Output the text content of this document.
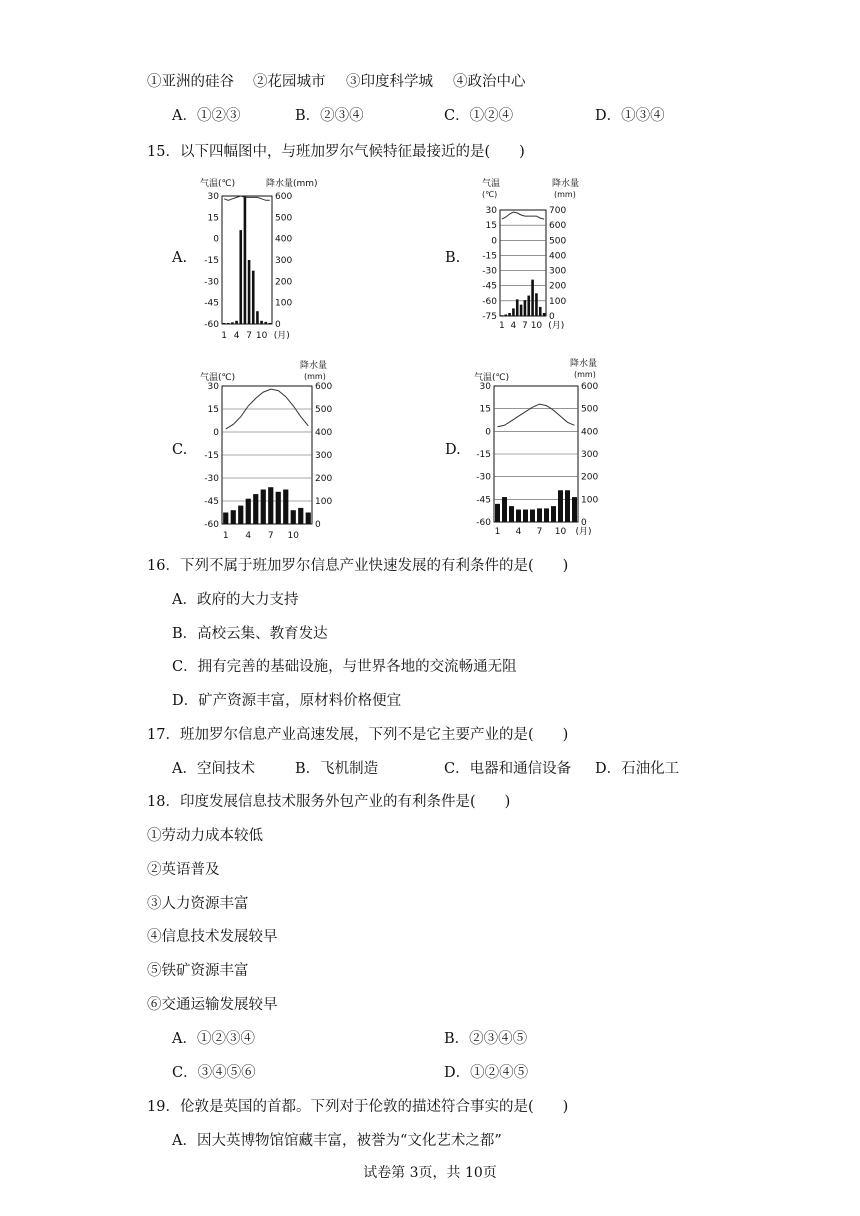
①亚洲的硅谷 ②花园城市 ③印度科学城 ④政治中心
A．①②③	B．②③④	C．①②④	D．①③④
15．以下四幅图中，与班加罗尔气候特征最接近的是(　　)
A.	B.
C.	D.
气温(℃)	降水量(mm)
30
15
0
-15
-30
-45
-60
600
500
400
300
200
100
0
1 4 7 10 (月)
气温
(℃)
降水量
(mm)
30
15
0
-15
-30
-45
-60
-75
700
600
500
400
300
200
100
0
1 4 7 10 (月)
气温(℃)
降水量
(mm)
30
15
0
-15
-30
-45
-60
600
500
400
300
200
100
0
1 4 7 10
气温(℃)
降水量
(mm)
30
15
0
-15
-30
-45
-60
600
500
400
300
200
100
0
1 4 7 10 (月)
16．下列不属于班加罗尔信息产业快速发展的有利条件的是(　　)
A．政府的大力支持
B．高校云集、教育发达
C．拥有完善的基础设施，与世界各地的交流畅通无阻
D．矿产资源丰富，原材料价格便宜
17．班加罗尔信息产业高速发展，下列不是它主要产业的是(　　)
A．空间技术	B．飞机制造	C．电器和通信设备 D．石油化工
18．印度发展信息技术服务外包产业的有利条件是(　　)
①劳动力成本较低
②英语普及
③人力资源丰富
④信息技术发展较早
⑤铁矿资源丰富
⑥交通运输发展较早
A．①②③④	B．②③④⑤
C．③④⑤⑥	D．①②④⑤
19．伦敦是英国的首都。下列对于伦敦的描述符合事实的是(　　)
A．因大英博物馆馆藏丰富，被誉为“文化艺术之都”
试卷第 3页，共 10页
